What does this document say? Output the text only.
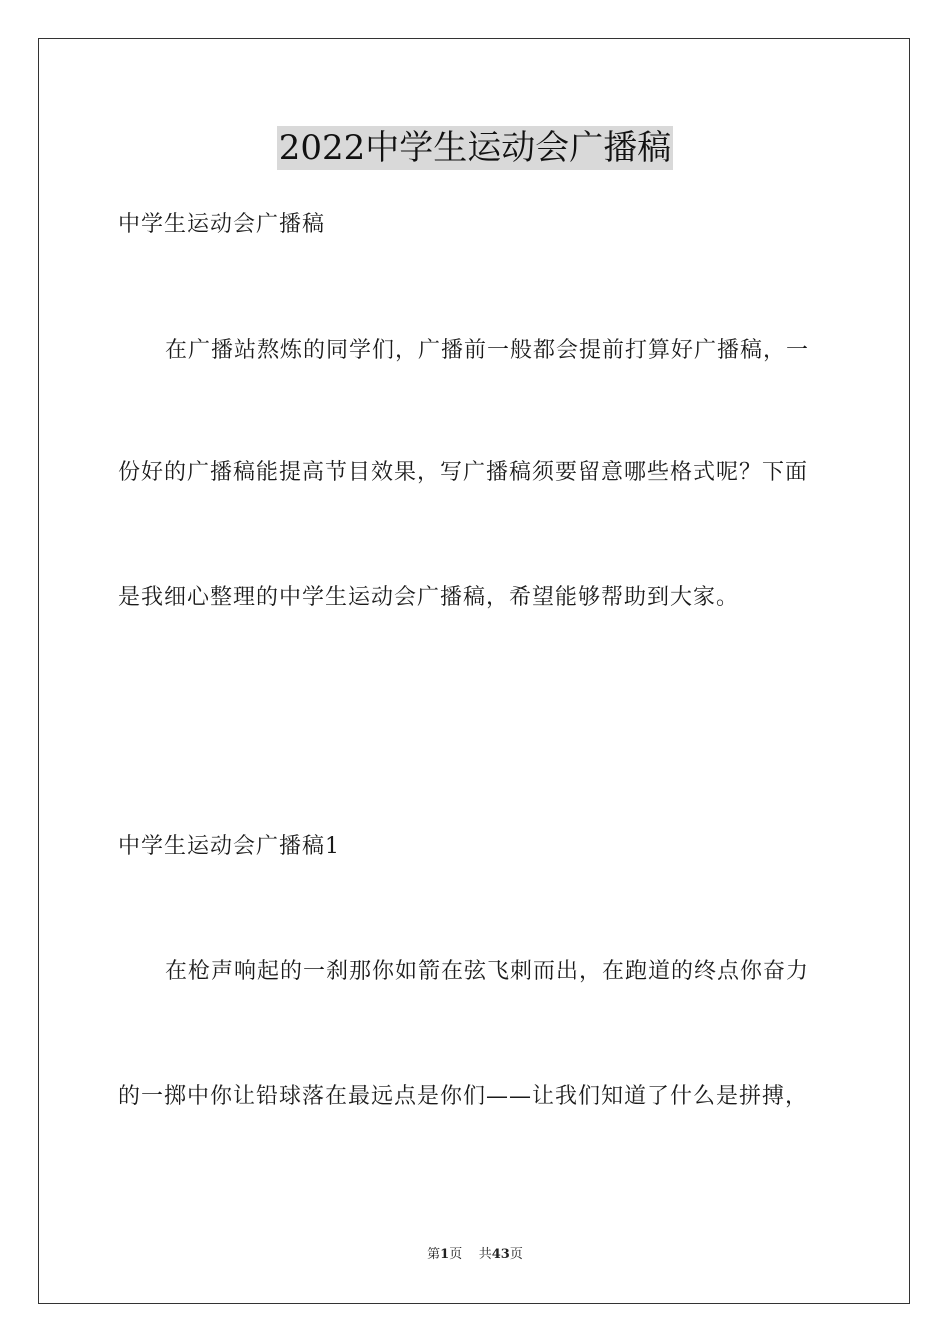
2022中学生运动会广播稿
中学生运动会广播稿
在广播站熬炼的同学们，广播前一般都会提前打算好广播稿，一
份好的广播稿能提高节目效果，写广播稿须要留意哪些格式呢？下面
是我细心整理的中学生运动会广播稿，希望能够帮助到大家。
中学生运动会广播稿1
在枪声响起的一刹那你如箭在弦飞刺而出，在跑道的终点你奋力
的一掷中你让铅球落在最远点是你们——让我们知道了什么是拼搏，
第1页 共43页
